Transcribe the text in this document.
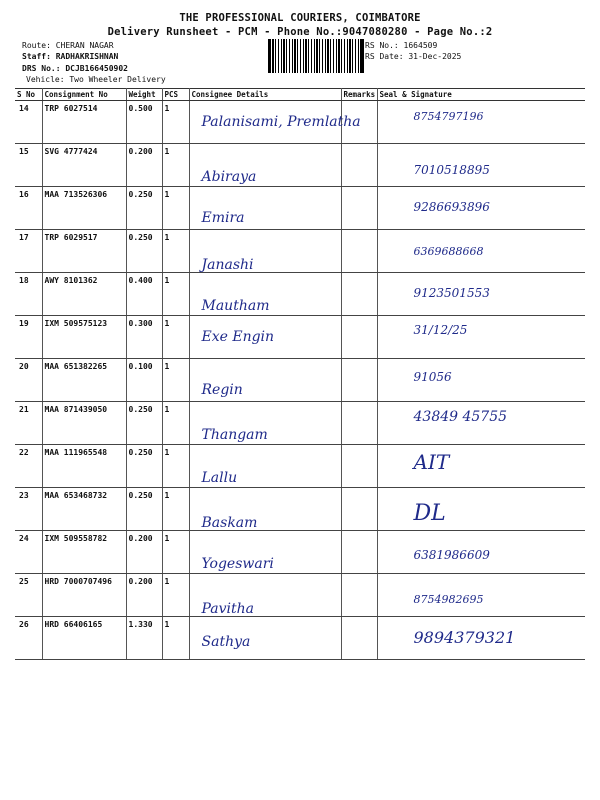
THE PROFESSIONAL COURIERS, COIMBATORE
Delivery Runsheet - PCM - Phone No.:9047080280 - Page No.:2
Route: CHERAN NAGAR
Staff: RADHAKRISHNAN
DRS No.: DCJB166450902
Vehicle: Two Wheeler Delivery
RS No.: 1664509
RS Date: 31-Dec-2025
S No	Consignment No	Weight	PCS	Consignee Details	Remarks	Seal & Signature
14	TRP 6027514	0.500	1	Palanisami, Premlatha		8754797196

15	SVG 4777424	0.200	1	Abiraya		7010518895

16	MAA 713526306	0.250	1	Emira		9286693896

17	TRP 6029517	0.250	1	Janashi		6369688668

18	AWY 8101362	0.400	1	Mautham		9123501553

19	IXM 509575123	0.300	1	Exe Engin		31/12/25

20	MAA 651382265	0.100	1	Regin		91056

21	MAA 871439050	0.250	1	Thangam		43849 45755

22	MAA 111965548	0.250	1	Lallu		AIT

23	MAA 653468732	0.250	1	Baskam		DL

24	IXM 509558782	0.200	1	Yogeswari		6381986609

25	HRD 7000707496	0.200	1	Pavitha		8754982695

26	HRD 66406165	1.330	1	Sathya		9894379321
